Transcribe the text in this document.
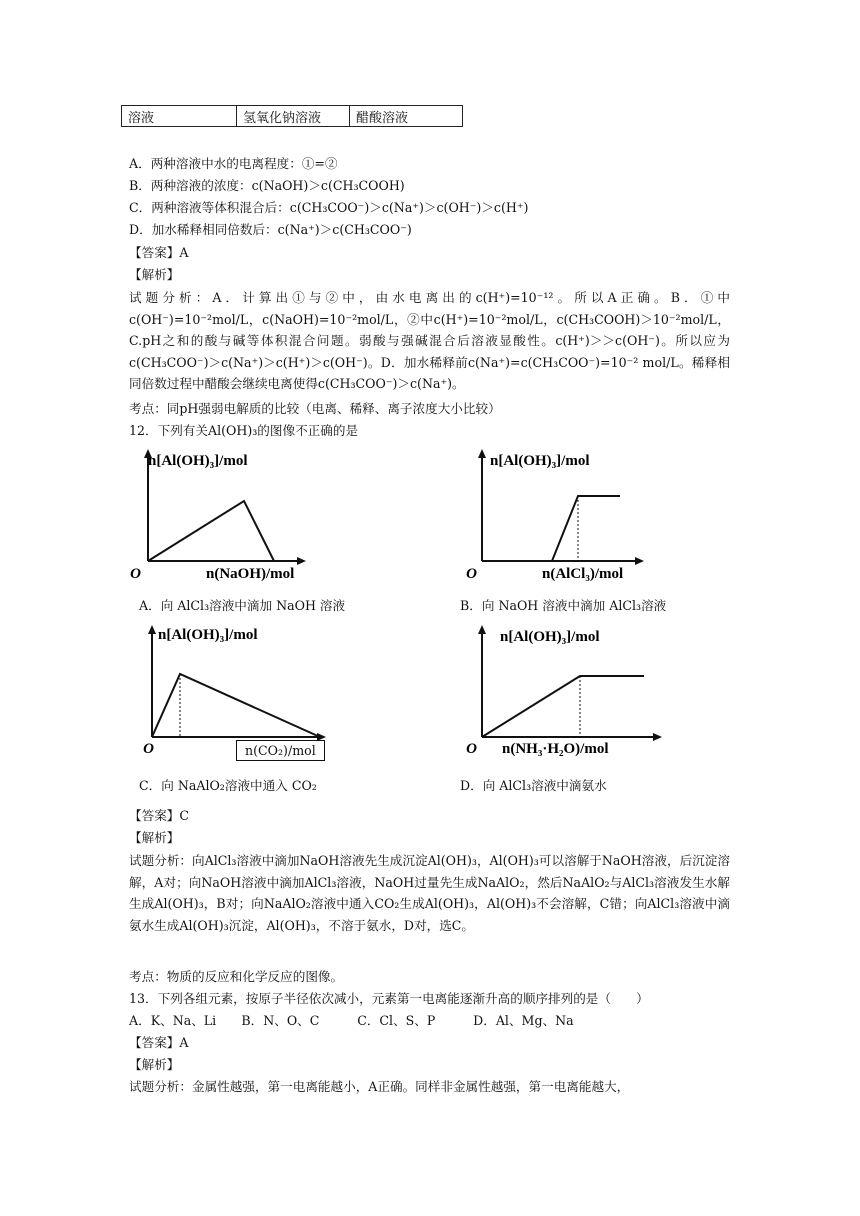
溶液	氢氧化钠溶液	醋酸溶液
A．两种溶液中水的电离程度：①=②
B．两种溶液的浓度：c(NaOH)＞c(CH₃COOH)
C．两种溶液等体积混合后：c(CH₃COO⁻)＞c(Na⁺)＞c(OH⁻)＞c(H⁺)
D．加水稀释相同倍数后：c(Na⁺)＞c(CH₃COO⁻)
【答案】A
【解析】
试题分析：A．计算出①与②中，由水电离出的c(H⁺)=10⁻¹²。所以A正确。B．①中c(OH⁻)=10⁻²mol/L，c(NaOH)=10⁻²mol/L，②中c(H⁺)=10⁻²mol/L，c(CH₃COOH)＞10⁻²mol/L，C.pH之和的酸与碱等体积混合问题。弱酸与强碱混合后溶液显酸性。c(H⁺)＞＞c(OH⁻)。所以应为c(CH₃COO⁻)＞c(Na⁺)＞c(H⁺)＞c(OH⁻)。D．加水稀释前c(Na⁺)=c(CH₃COO⁻)=10⁻² mol/L。稀释相同倍数过程中醋酸会继续电离使得c(CH₃COO⁻)＞c(Na⁺)。
考点：同pH强弱电解质的比较（电离、稀释、离子浓度大小比较）
12．下列有关Al(OH)₃的图像不正确的是
n[Al(OH)₃]/mol
O	n(NaOH)/mol
A．向 AlCl₃溶液中滴加 NaOH 溶液
n[Al(OH)₃]/mol
O	n(AlCl₃)/mol
B．向 NaOH 溶液中滴加 AlCl₃溶液
n[Al(OH)₃]/mol
O	n(CO₂)/mol
C．向 NaAlO₂溶液中通入 CO₂
n[Al(OH)₃]/mol
O n(NH₃·H₂O)/mol
D．向 AlCl₃溶液中滴氨水
【答案】C
【解析】
试题分析：向AlCl₃溶液中滴加NaOH溶液先生成沉淀Al(OH)₃，Al(OH)₃可以溶解于NaOH溶液，后沉淀溶解，A对；向NaOH溶液中滴加AlCl₃溶液，NaOH过量先生成NaAlO₂，然后NaAlO₂与AlCl₃溶液发生水解生成Al(OH)₃，B对；向NaAlO₂溶液中通入CO₂生成Al(OH)₃，Al(OH)₃不会溶解，C错；向AlCl₃溶液中滴氨水生成Al(OH)₃沉淀，Al(OH)₃，不溶于氨水，D对，选C。
考点：物质的反应和化学反应的图像。
13．下列各组元素，按原子半径依次减小，元素第一电离能逐渐升高的顺序排列的是（　　）
A．K、Na、Li　　B．N、O、C　　　C．Cl、S、P　　　D．Al、Mg、Na
【答案】A
【解析】
试题分析：金属性越强，第一电离能越小，A正确。同样非金属性越强，第一电离能越大，
